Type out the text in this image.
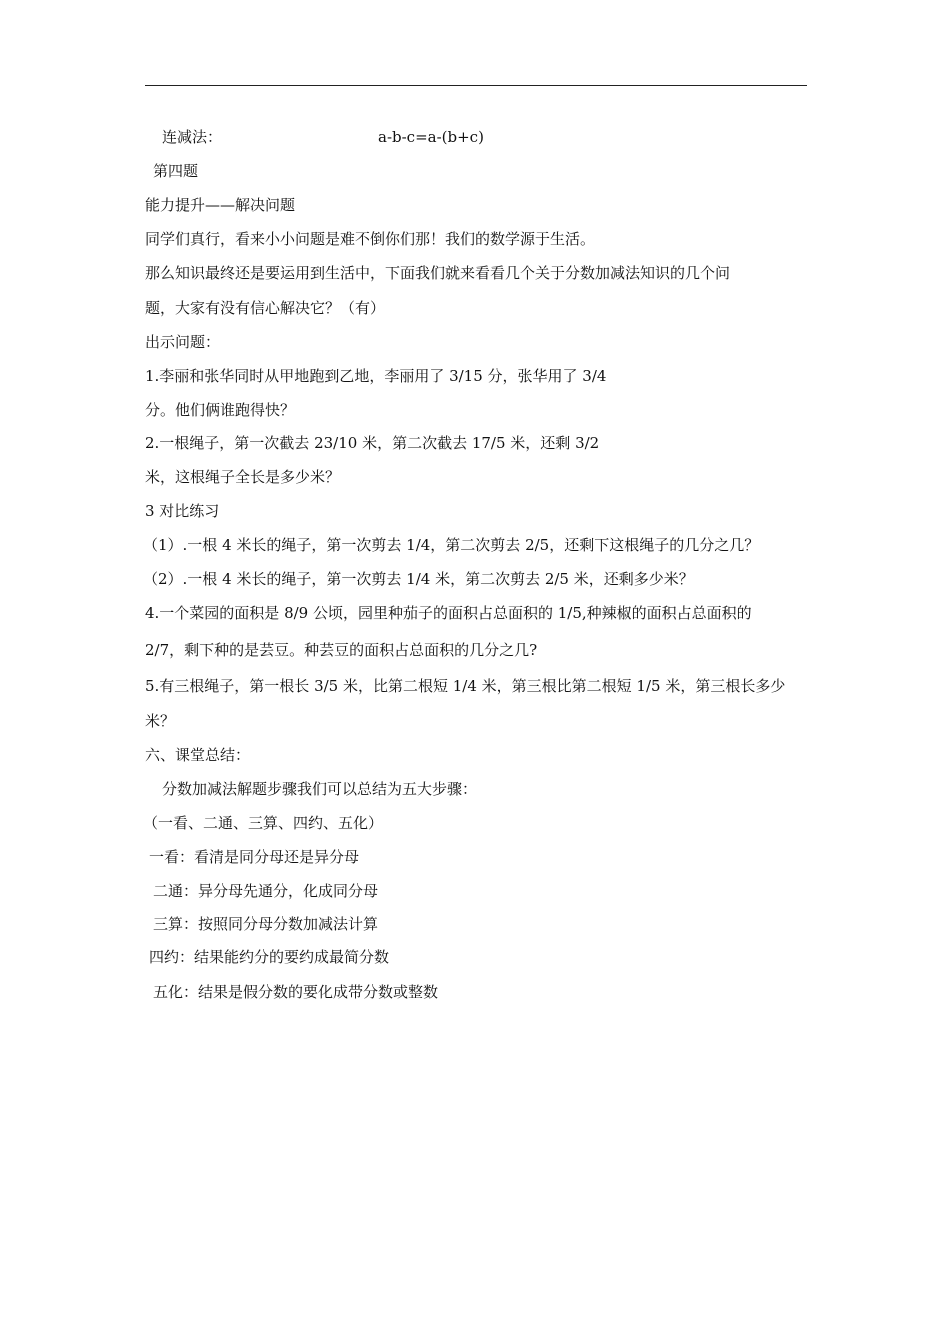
连减法：	a-b-c=a-(b+c)
第四题
能力提升——解决问题
同学们真行，看来小小问题是难不倒你们那！我们的数学源于生活。
那么知识最终还是要运用到生活中，下面我们就来看看几个关于分数加减法知识的几个问
题，大家有没有信心解决它？（有）
出示问题：
1.李丽和张华同时从甲地跑到乙地，李丽用了 3/15 分，张华用了 3/4
分。他们俩谁跑得快？
2.一根绳子，第一次截去 23/10 米，第二次截去 17/5 米，还剩 3/2
米，这根绳子全长是多少米？
3 对比练习
（1）.一根 4 米长的绳子，第一次剪去 1/4，第二次剪去 2/5，还剩下这根绳子的几分之几？
（2）.一根 4 米长的绳子，第一次剪去 1/4 米，第二次剪去 2/5 米，还剩多少米？
4.一个菜园的面积是 8/9 公顷，园里种茄子的面积占总面积的 1/5,种辣椒的面积占总面积的
2/7，剩下种的是芸豆。种芸豆的面积占总面积的几分之几?
5.有三根绳子，第一根长 3/5 米，比第二根短 1/4 米，第三根比第二根短 1/5 米，第三根长多少
米？
六、课堂总结：
分数加减法解题步骤我们可以总结为五大步骤：
（一看、二通、三算、四约、五化）
一看：看清是同分母还是异分母
二通：异分母先通分，化成同分母
三算：按照同分母分数加减法计算
四约：结果能约分的要约成最简分数
五化：结果是假分数的要化成带分数或整数
